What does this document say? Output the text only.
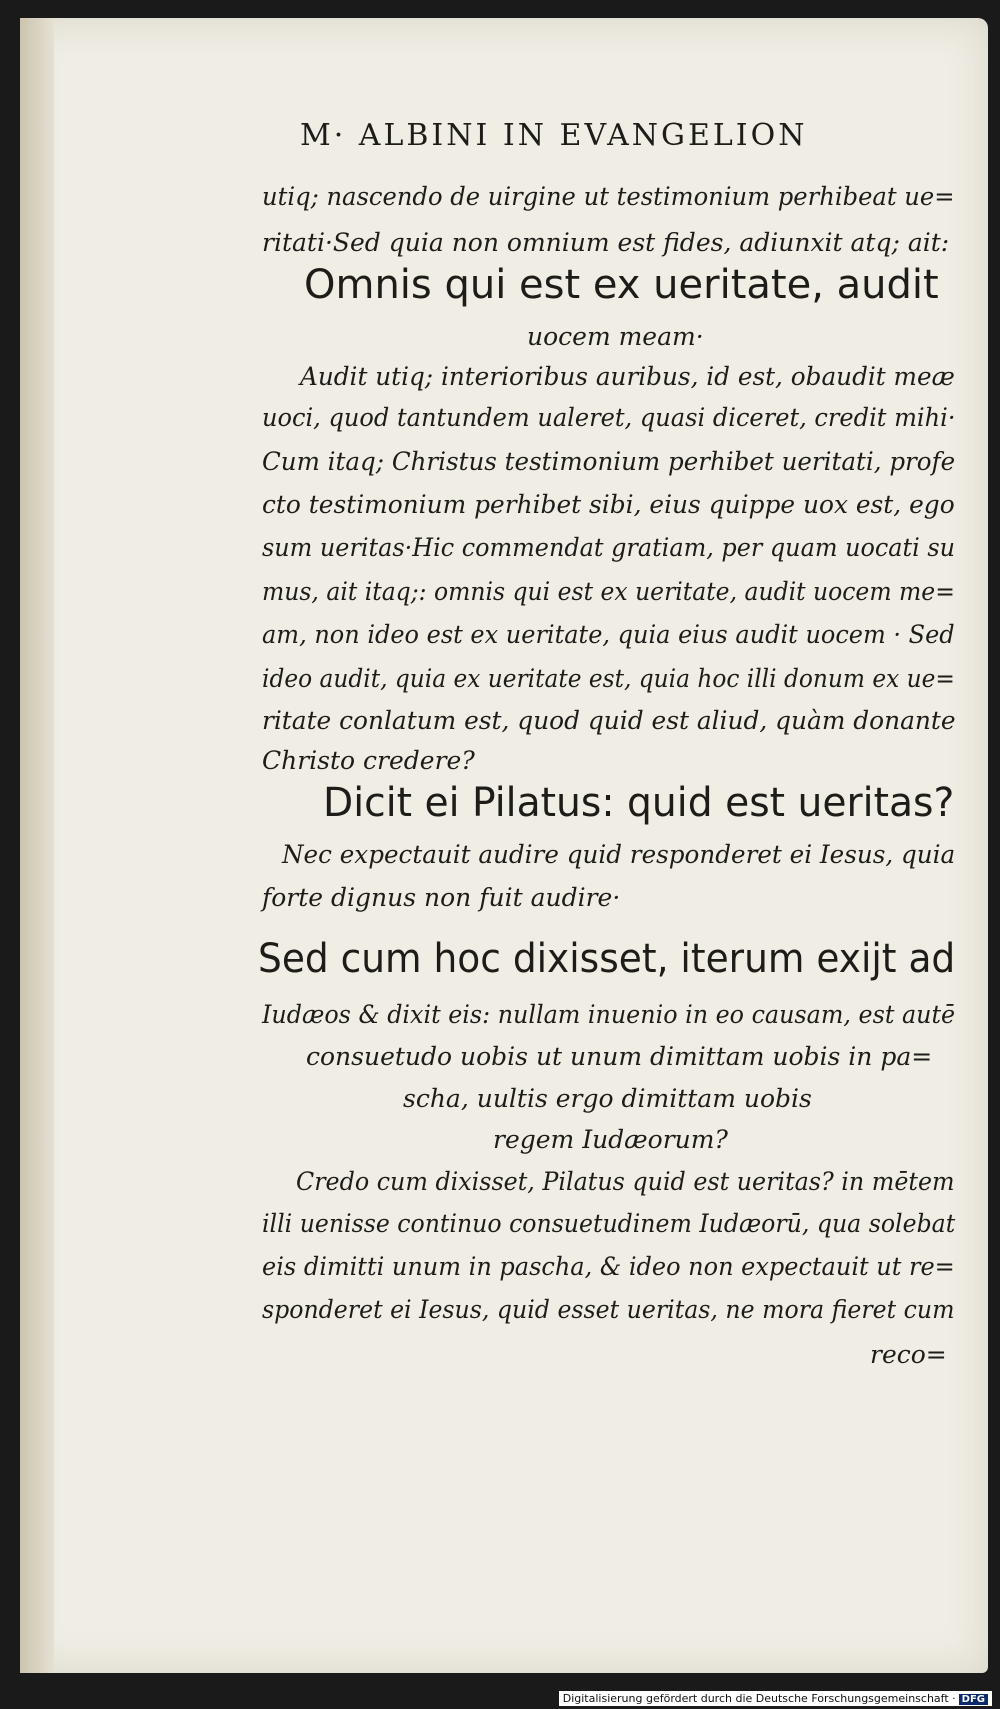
M· ALBINI IN EVANGELION
utiq; nascendo de uirgine ut testimonium perhibeat ue=
ritati·Sed quia non omnium est fides, adiunxit atq; ait:
Omnis qui est ex ueritate, audit
uocem meam·
Audit utiq; interioribus auribus, id est, obaudit meæ
uoci, quod tantundem ualeret, quasi diceret, credit mihi·
Cum itaq; Christus testimonium perhibet ueritati, profe
cto testimonium perhibet sibi, eius quippe uox est, ego
sum ueritas·Hic commendat gratiam, per quam uocati su
mus, ait itaq;: omnis qui est ex ueritate, audit uocem me=
am, non ideo est ex ueritate, quia eius audit uocem · Sed
ideo audit, quia ex ueritate est, quia hoc illi donum ex ue=
ritate conlatum est, quod quid est aliud, quàm donante
Christo credere?
Dicit ei Pilatus: quid est ueritas?
Nec expectauit audire quid responderet ei Iesus, quia
forte dignus non fuit audire·
Sed cum hoc dixisset, iterum exijt ad
Iudæos & dixit eis: nullam inuenio in eo causam, est autē
consuetudo uobis ut unum dimittam uobis in pa=
scha, uultis ergo dimittam uobis
regem Iudæorum?
Credo cum dixisset, Pilatus quid est ueritas? in mētem
illi uenisse continuo consuetudinem Iudæorū, qua solebat
eis dimitti unum in pascha, & ideo non expectauit ut re=
sponderet ei Iesus, quid esset ueritas, ne mora fieret cum
reco=
Digitalisierung gefördert durch die Deutsche Forschungsgemeinschaft · DFG
